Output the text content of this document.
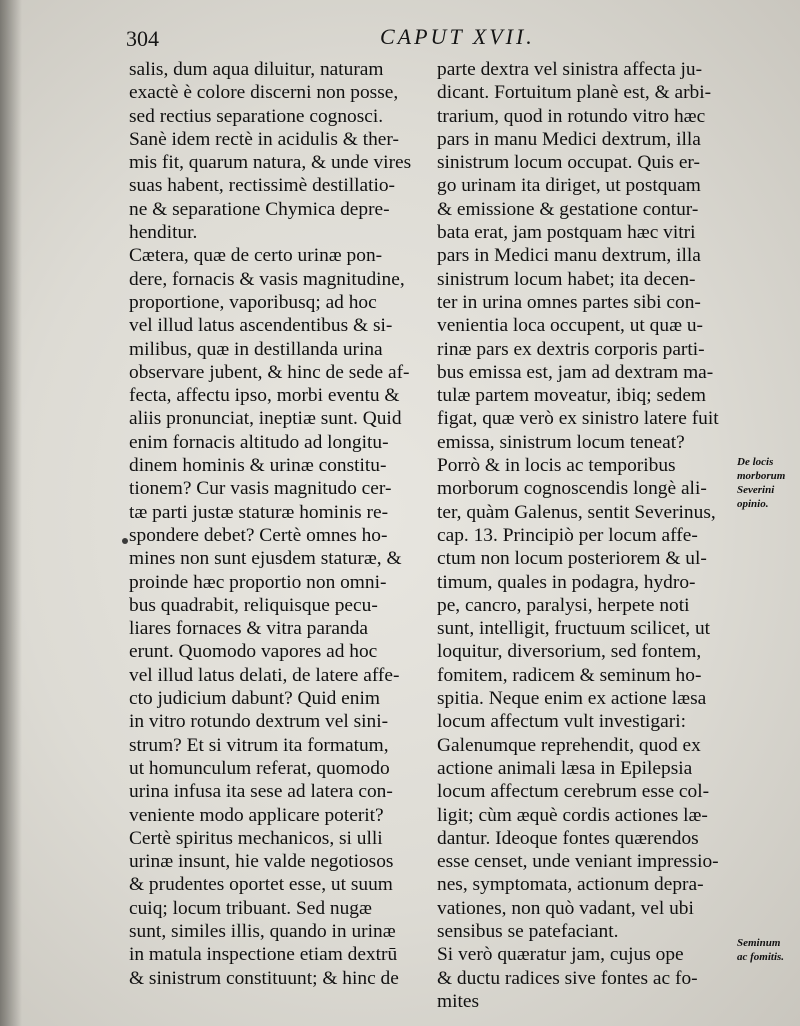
304	CAPUT XVII.
salis, dum aqua diluitur, naturam
exactè è colore discerni non posse,
sed rectius separatione cognosci.
Sanè idem rectè in acidulis & ther-
mis fit, quarum natura, & unde vires
suas habent, rectissimè destillatio-
ne & separatione Chymica depre-
henditur.
Cætera, quæ de certo urinæ pon-
dere, fornacis & vasis magnitudine,
proportione, vaporibusq; ad hoc
vel illud latus ascendentibus & si-
milibus, quæ in destillanda urina
observare jubent, & hinc de sede af-
fecta, affectu ipso, morbi eventu &
aliis pronunciat, ineptiæ sunt. Quid
enim fornacis altitudo ad longitu-
dinem hominis & urinæ constitu-
tionem? Cur vasis magnitudo cer-
tæ parti justæ staturæ hominis re-
spondere debet? Certè omnes ho-
mines non sunt ejusdem staturæ, &
proinde hæc proportio non omni-
bus quadrabit, reliquisque pecu-
liares fornaces & vitra paranda
erunt. Quomodo vapores ad hoc
vel illud latus delati, de latere affe-
cto judicium dabunt? Quid enim
in vitro rotundo dextrum vel sini-
strum? Et si vitrum ita formatum,
ut homunculum referat, quomodo
urina infusa ita sese ad latera con-
veniente modo applicare poterit?
Certè spiritus mechanicos, si ulli
urinæ insunt, hie valde negotiosos
& prudentes oportet esse, ut suum
cuiq; locum tribuant. Sed nugæ
sunt, similes illis, quando in urinæ
in matula inspectione etiam dextrū
& sinistrum constituunt; & hinc de
parte dextra vel sinistra affecta ju-
dicant. Fortuitum planè est, & arbi-
trarium, quod in rotundo vitro hæc
pars in manu Medici dextrum, illa
sinistrum locum occupat. Quis er-
go urinam ita diriget, ut postquam
& emissione & gestatione contur-
bata erat, jam postquam hæc vitri
pars in Medici manu dextrum, illa
sinistrum locum habet; ita decen-
ter in urina omnes partes sibi con-
venientia loca occupent, ut quæ u-
rinæ pars ex dextris corporis parti-
bus emissa est, jam ad dextram ma-
tulæ partem moveatur, ibiq; sedem
figat, quæ verò ex sinistro latere fuit
emissa, sinistrum locum teneat?
Porrò & in locis ac temporibus
morborum cognoscendis longè ali-
ter, quàm Galenus, sentit Severinus,
cap. 13. Principiò per locum affe-
ctum non locum posteriorem & ul-
timum, quales in podagra, hydro-
pe, cancro, paralysi, herpete noti
sunt, intelligit, fructuum scilicet, ut
loquitur, diversorium, sed fontem,
fomitem, radicem & seminum ho-
spitia. Neque enim ex actione læsa
locum affectum vult investigari:
Galenumque reprehendit, quod ex
actione animali læsa in Epilepsia
locum affectum cerebrum esse col-
ligit; cùm æquè cordis actiones læ-
dantur. Ideoque fontes quærendos
esse censet, unde veniant impressio-
nes, symptomata, actionum depra-
vationes, non quò vadant, vel ubi
sensibus se patefaciant.
Si verò quæratur jam, cujus ope
& ductu radices sive fontes ac fo-
mites
De locis
morborum
Severini
opinio.
Seminum
ac fomitis.
